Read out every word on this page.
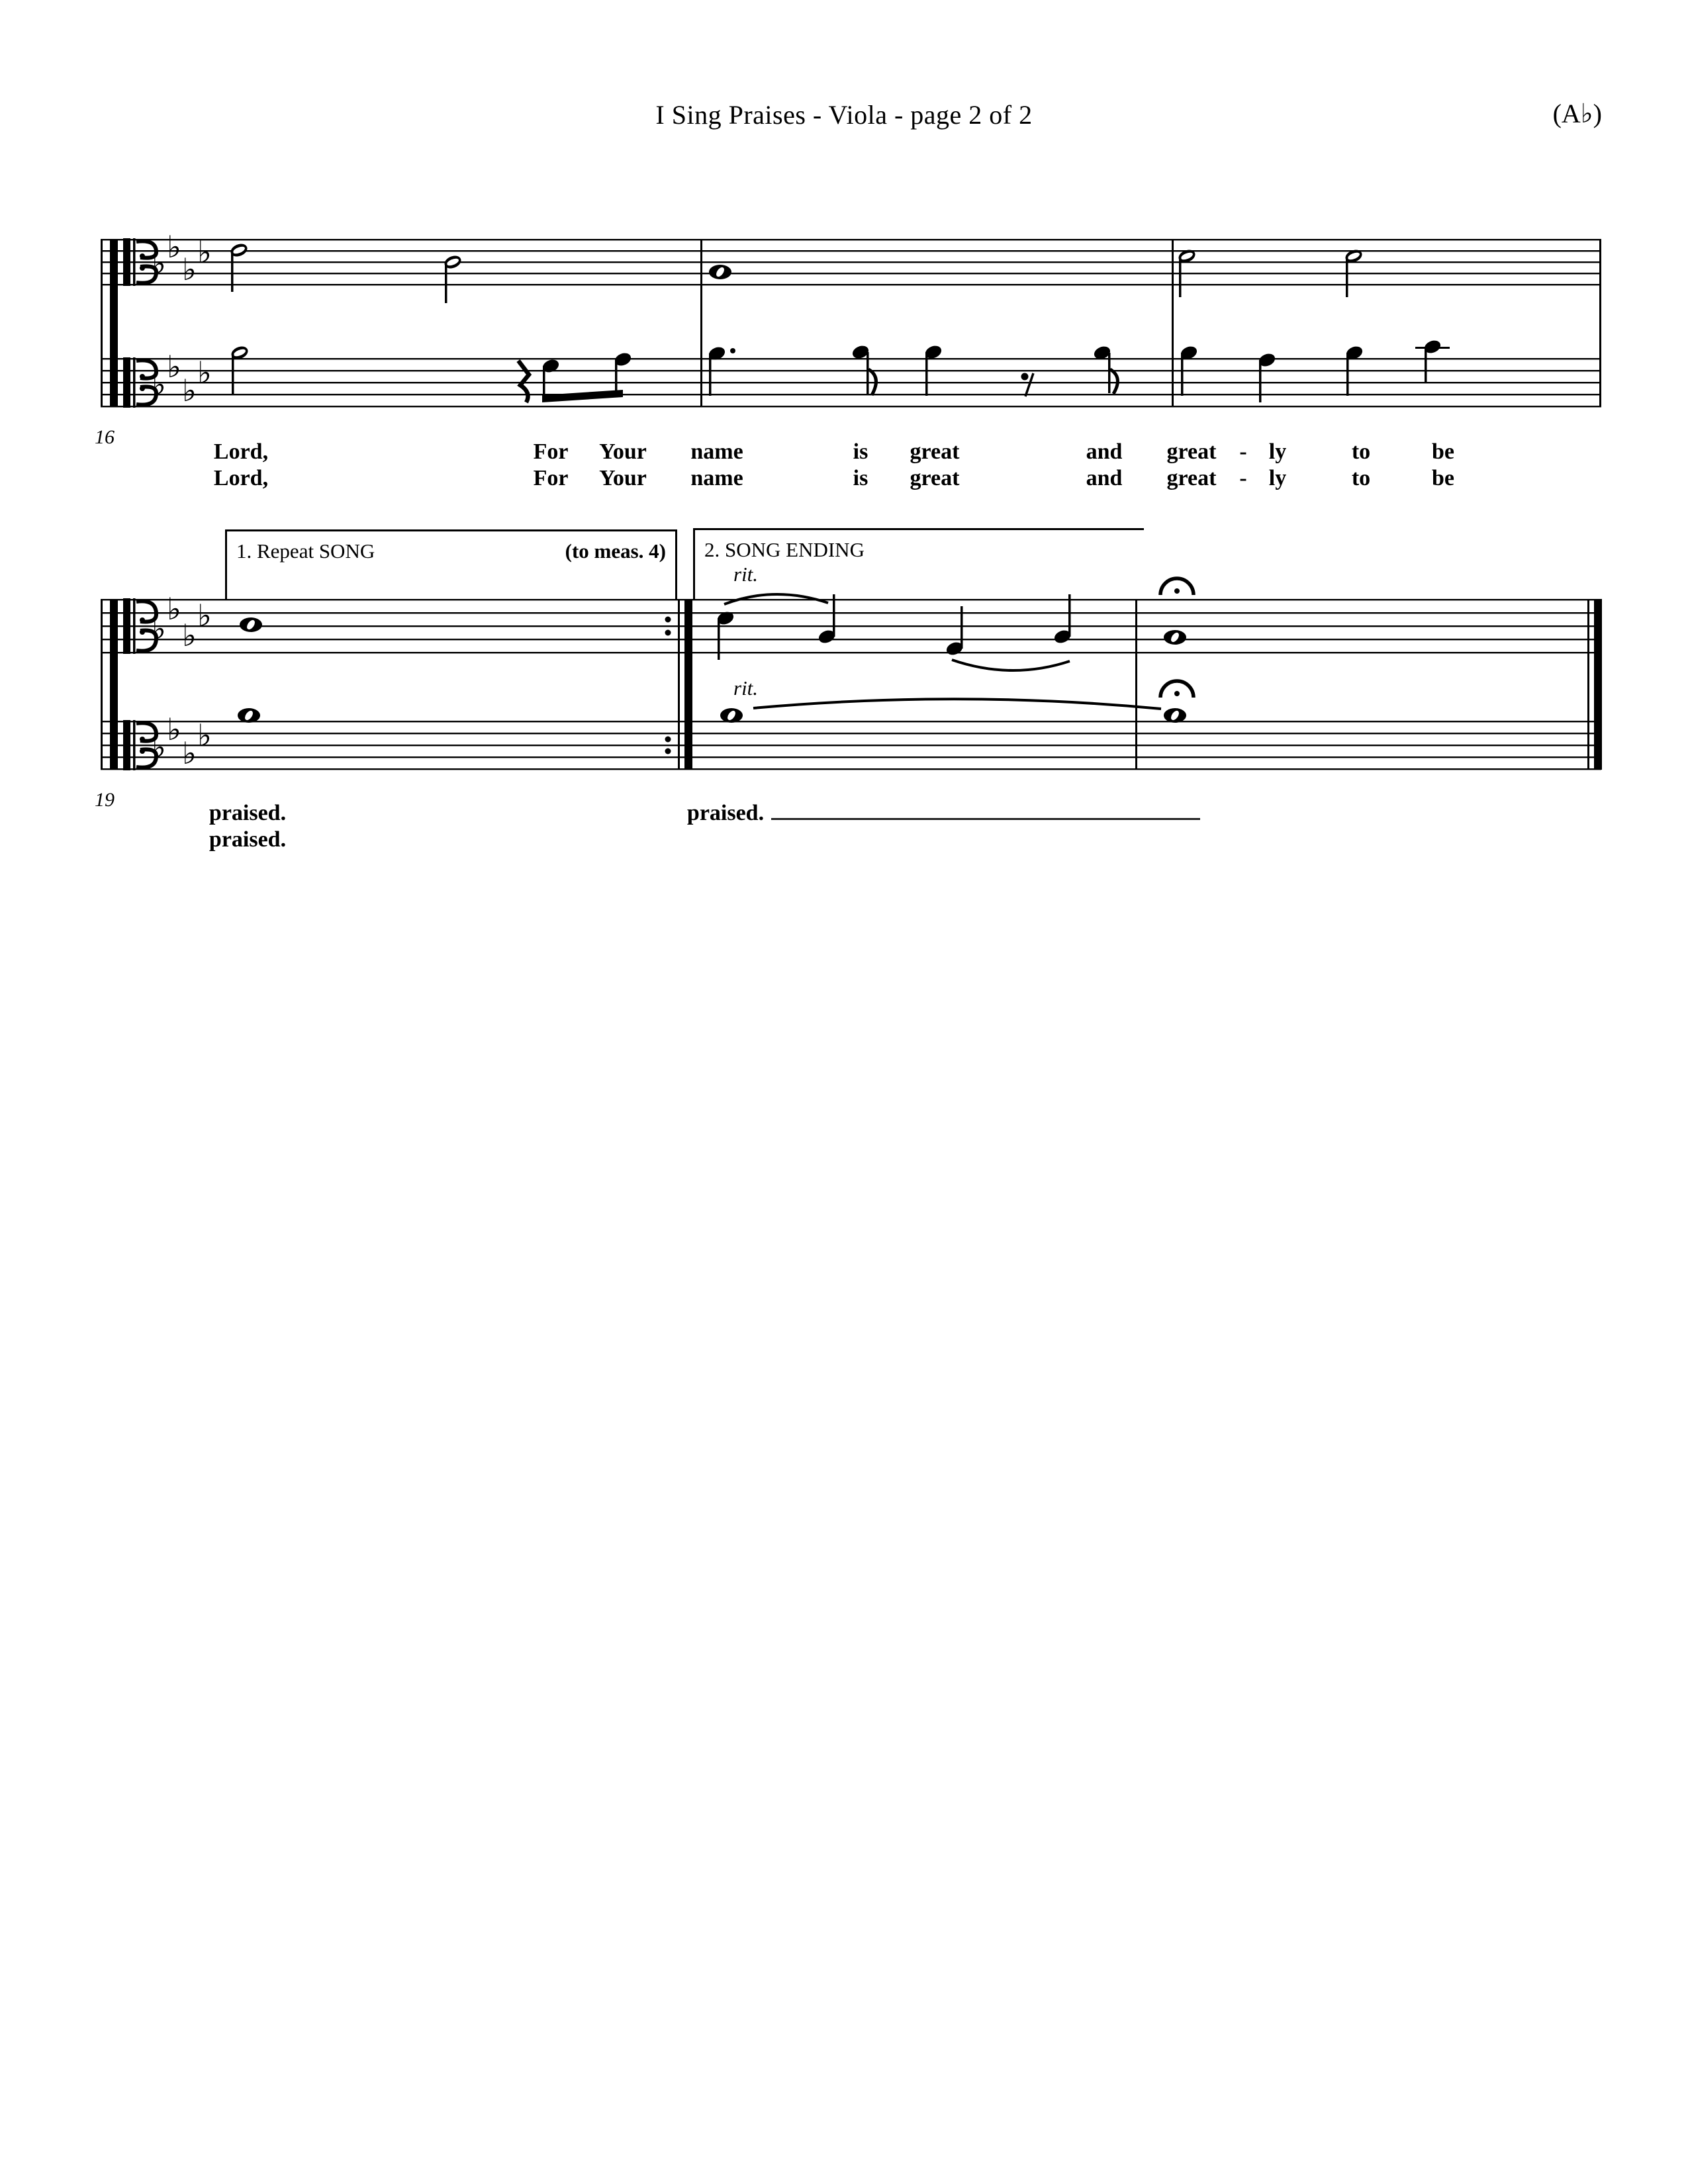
I Sing Praises - Viola - page 2 of 2	(A♭)
♭ ♭
♭ ♭
♭ ♭
♭ ♭
♭
♭
♭
♭
♭ ♭
♭ ♭
1. Repeat SONG	(to meas. 4) 2. SONG ENDING
rit.
rit.
16
19
Lord,	For Your name	is great	and great - ly	to	be
Lord,	For Your name	is great	and great - ly	to	be
praised.	praised.
praised.
